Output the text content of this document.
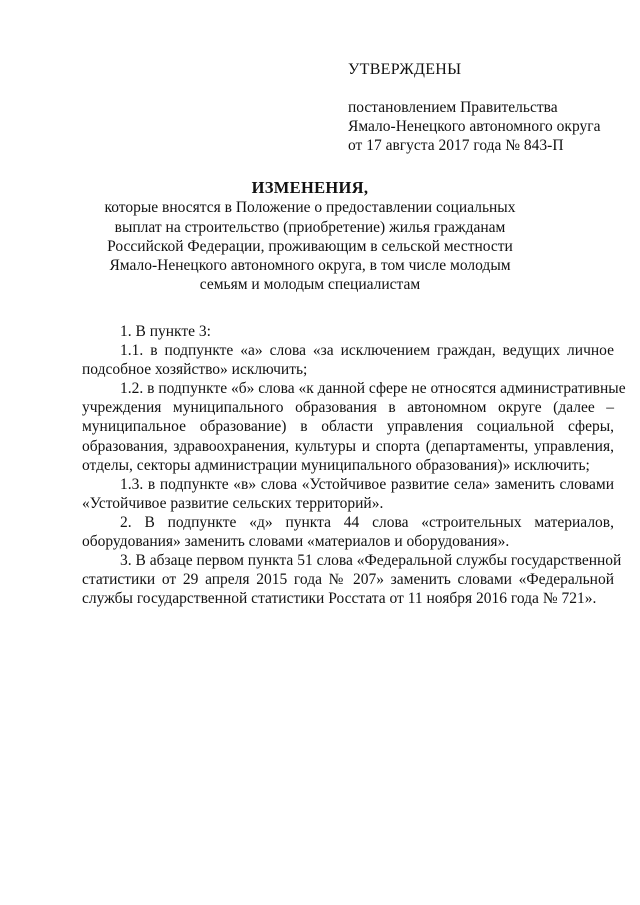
УТВЕРЖДЕНЫ
постановлением Правительства
Ямало-Ненецкого автономного округа
от 17 августа 2017 года № 843-П
ИЗМЕНЕНИЯ,
которые вносятся в Положение о предоставлении социальных
выплат на строительство (приобретение) жилья гражданам
Российской Федерации, проживающим в сельской местности
Ямало-Ненецкого автономного округа, в том числе молодым
семьям и молодым специалистам

1. В пункте 3:

1.1. в подпункте «а» слова «за исключением граждан, ведущих личное
подсобное хозяйство» исключить;

1.2. в подпункте «б» слова «к данной сфере не относятся административные
учреждения муниципального образования в автономном округе (далее –
муниципальное образование) в области управления социальной сферы,
образования, здравоохранения, культуры и спорта (департаменты, управления,
отделы, секторы администрации муниципального образования)» исключить;

1.3. в подпункте «в» слова «Устойчивое развитие села» заменить словами
«Устойчивое развитие сельских территорий».

2. В подпункте «д» пункта 44 слова «строительных материалов,
оборудования» заменить словами «материалов и оборудования».

3. В абзаце первом пункта 51 слова «Федеральной службы государственной
статистики от 29 апреля 2015 года № 207» заменить словами «Федеральной
службы государственной статистики Росстата от 11 ноября 2016 года № 721».
